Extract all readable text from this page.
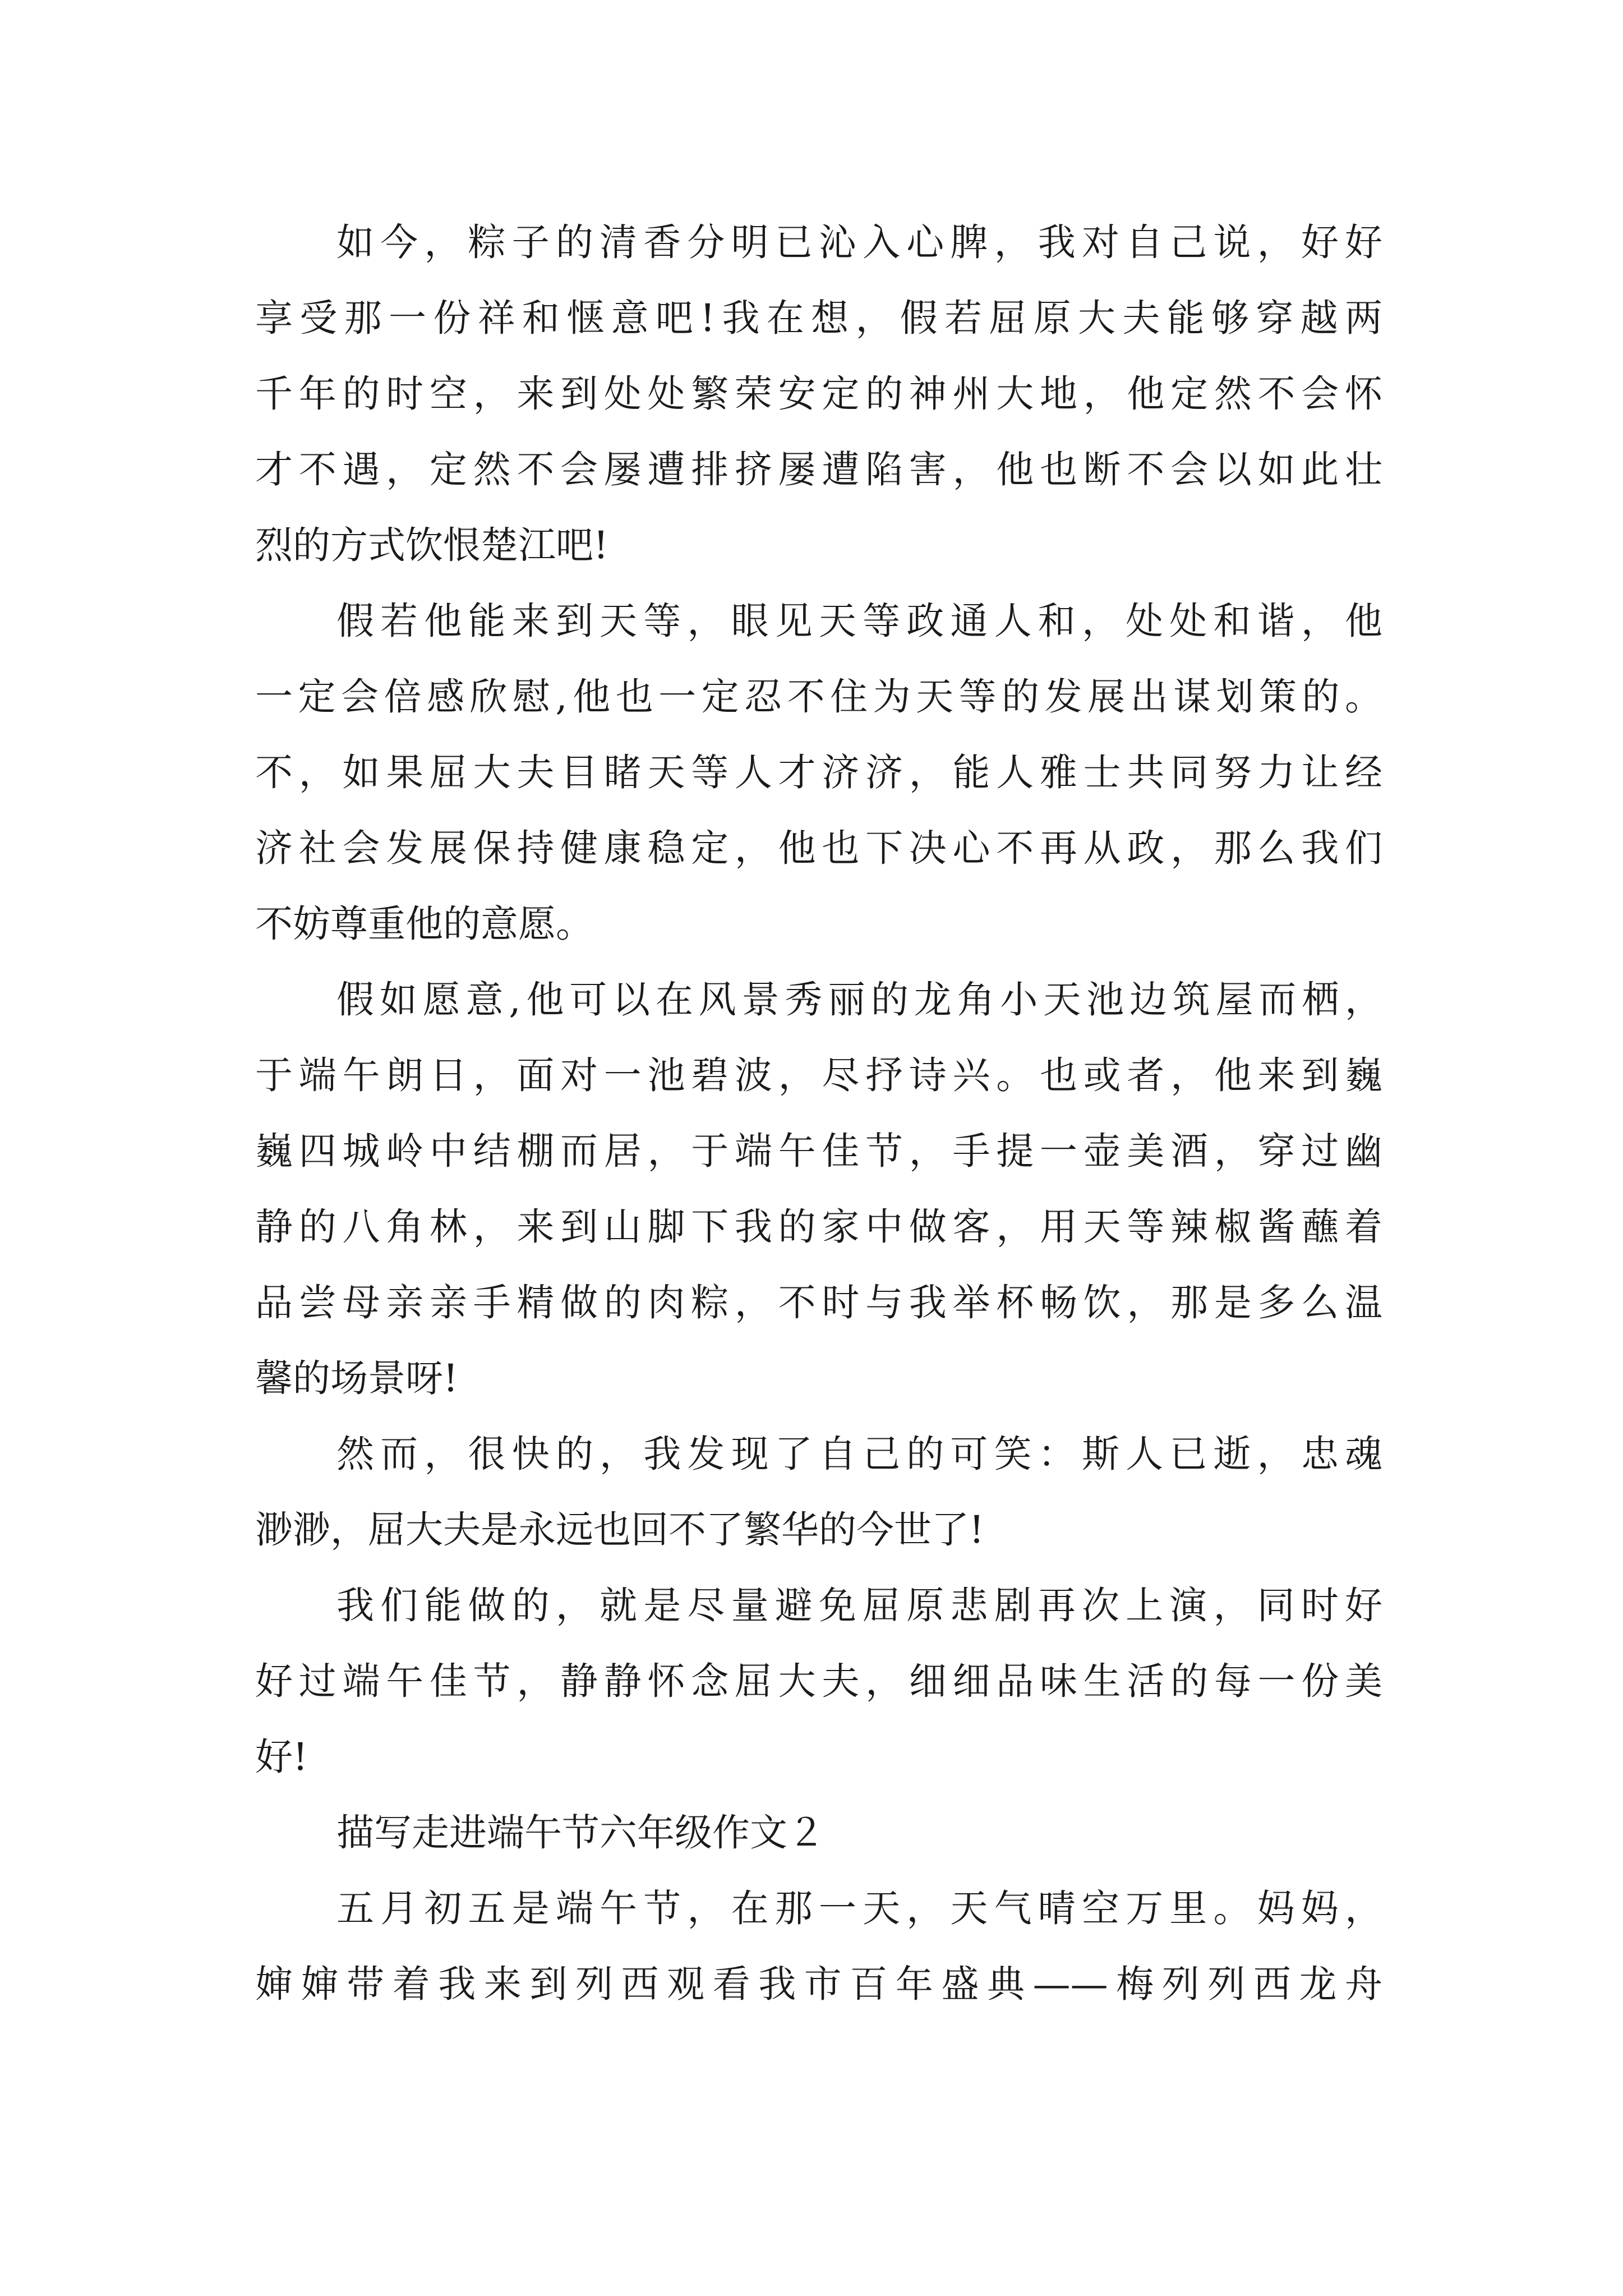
如今，粽子的清香分明已沁入心脾，我对自己说，好好
享受那一份祥和惬意吧!我在想，假若屈原大夫能够穿越两
千年的时空，来到处处繁荣安定的神州大地，他定然不会怀
才不遇，定然不会屡遭排挤屡遭陷害，他也断不会以如此壮
烈的方式饮恨楚江吧!
假若他能来到天等，眼见天等政通人和，处处和谐，他
一定会倍感欣慰,他也一定忍不住为天等的发展出谋划策的。
不，如果屈大夫目睹天等人才济济，能人雅士共同努力让经
济社会发展保持健康稳定，他也下决心不再从政，那么我们
不妨尊重他的意愿。
假如愿意,他可以在风景秀丽的龙角小天池边筑屋而栖，
于端午朗日，面对一池碧波，尽抒诗兴。也或者，他来到巍
巍四城岭中结棚而居，于端午佳节，手提一壶美酒，穿过幽
静的八角林，来到山脚下我的家中做客，用天等辣椒酱蘸着
品尝母亲亲手精做的肉粽，不时与我举杯畅饮，那是多么温
馨的场景呀!
然而，很快的，我发现了自己的可笑：斯人已逝，忠魂
渺渺，屈大夫是永远也回不了繁华的今世了!
我们能做的，就是尽量避免屈原悲剧再次上演，同时好
好过端午佳节，静静怀念屈大夫，细细品味生活的每一份美
好!
描写走进端午节六年级作文２
五月初五是端午节，在那一天，天气晴空万里。妈妈，
婶婶带着我来到列西观看我市百年盛典——梅列列西龙舟
